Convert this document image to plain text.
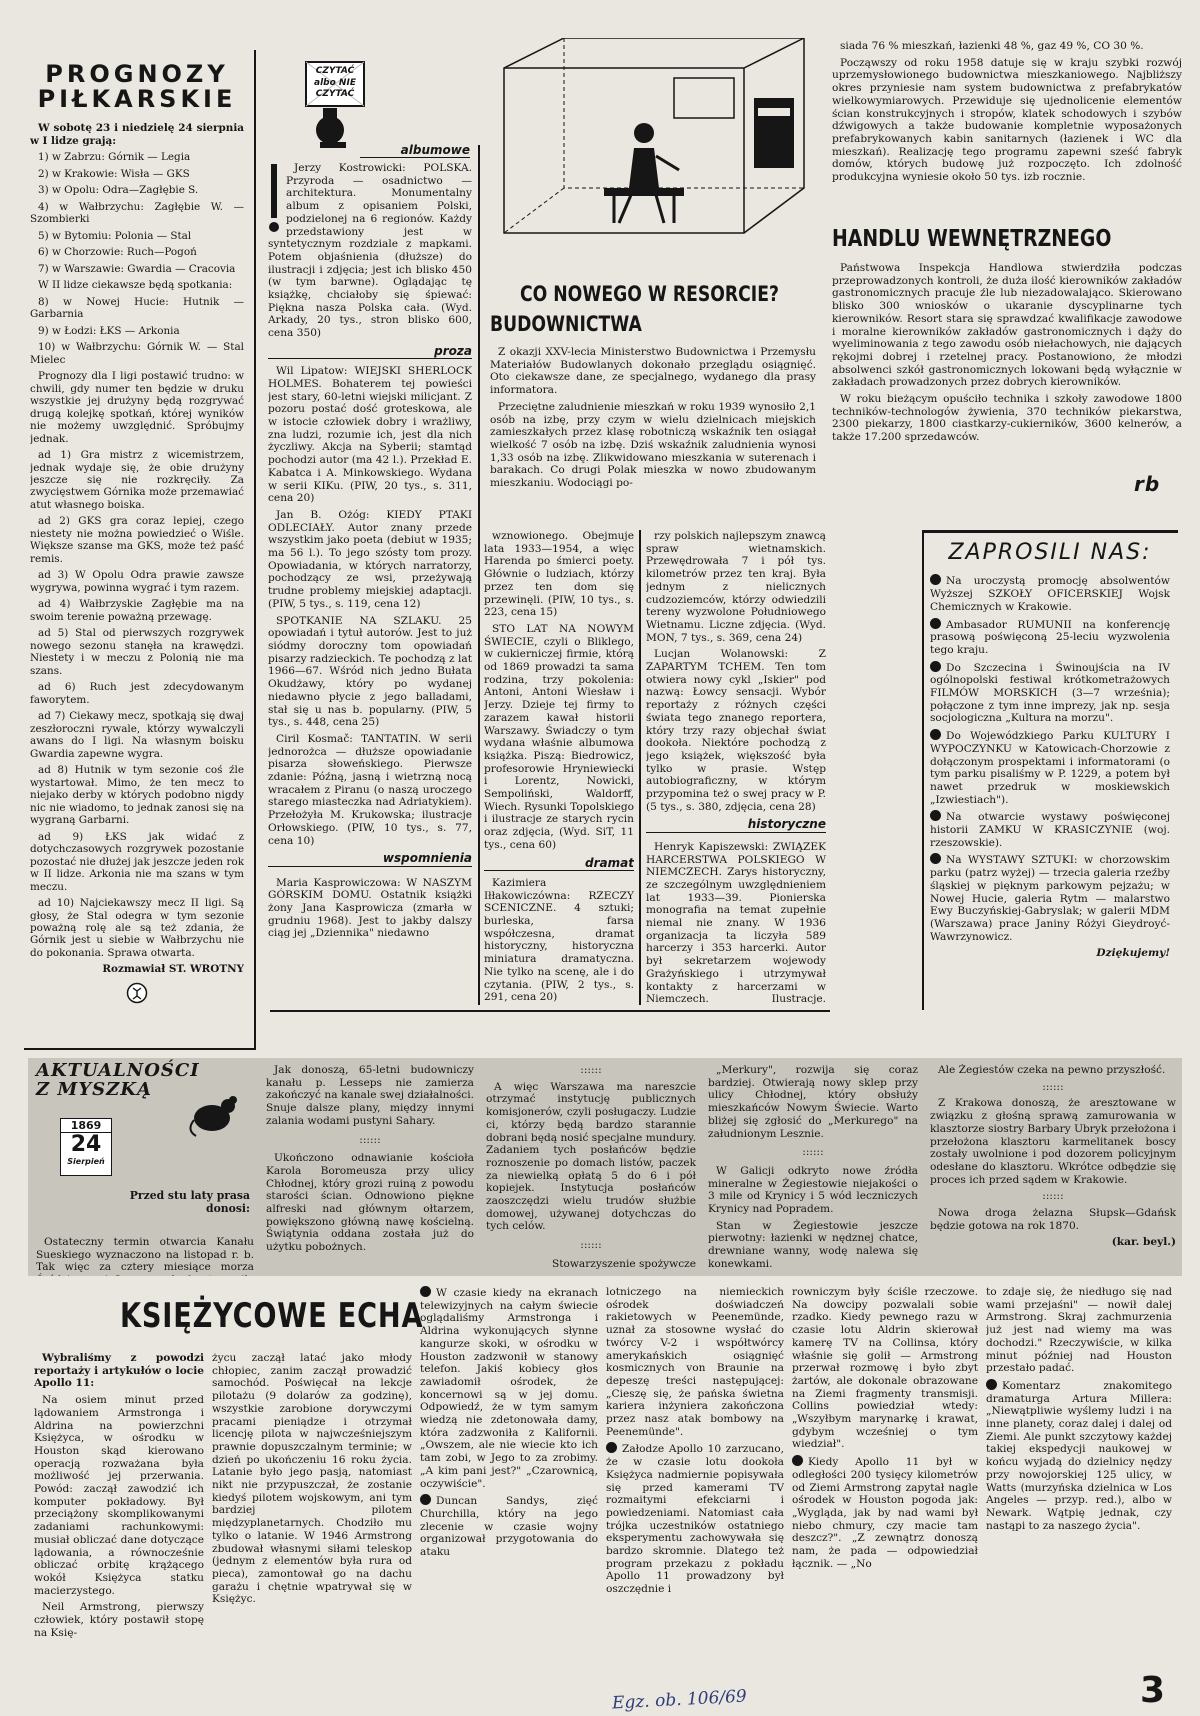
PROGNOZY PIŁKARSKIE

W sobotę 23 i niedzielę 24 sierpnia w I lidze grają:

1) w Zabrzu: Górnik — Legia

2) w Krakowie: Wisła — GKS

3) w Opolu: Odra—Zagłębie S.

4) w Wałbrzychu: Zagłębie W. — Szombierki

5) w Bytomiu: Polonia — Stal

6) w Chorzowie: Ruch—Pogoń

7) w Warszawie: Gwardia — Cracovia

W II lidze ciekawsze będą spotkania:

8) w Nowej Hucie: Hutnik — Garbarnia

9) w Łodzi: ŁKS — Arkonia

10) w Wałbrzychu: Górnik W. — Stal Mielec

Prognozy dla I ligi postawić trudno: w chwili, gdy numer ten będzie w druku wszystkie jej drużyny będą rozgrywać drugą kolejkę spotkań, której wyników nie możemy uwzględnić. Spróbujmy jednak.

ad 1) Gra mistrz z wicemistrzem, jednak wydaje się, że obie drużyny jeszcze się nie rozkręciły. Za zwycięstwem Górnika może przemawiać atut własnego boiska.

ad 2) GKS gra coraz lepiej, czego niestety nie można powiedzieć o Wiśle. Większe szanse ma GKS, może też paść remis.

ad 3) W Opolu Odra prawie zawsze wygrywa, powinna wygrać i tym razem.

ad 4) Wałbrzyskie Zagłębie ma na swoim terenie poważną przewagę.

ad 5) Stal od pierwszych rozgrywek nowego sezonu stanęła na krawędzi. Niestety i w meczu z Polonią nie ma szans.

ad 6) Ruch jest zdecydowanym faworytem.

ad 7) Ciekawy mecz, spotkają się dwaj zeszłoroczni rywale, którzy wywalczyli awans do I ligi. Na własnym boisku Gwardia zapewne wygra.

ad 8) Hutnik w tym sezonie coś źle wystartował. Mimo, że ten mecz to niejako derby w których podobno nigdy nic nie wiadomo, to jednak zanosi się na wygraną Garbarni.

ad 9) ŁKS jak widać z dotychczasowych rozgrywek pozostanie pozostać nie dłużej jak jeszcze jeden rok w II lidze. Arkonia nie ma szans w tym meczu.

ad 10) Najciekawszy mecz II ligi. Są głosy, że Stal odegra w tym sezonie poważną rolę ale są też zdania, że Górnik jest u siebie w Wałbrzychu nie do pokonania. Sprawa otwarta.

Rozmawiał ST. WROTNY

CZYTAĆ albo NIE CZYTAĆ
albumowe

Jerzy Kostrowicki: POLSKA. Przyroda — osadnictwo — architektura. Monumentalny album z opisaniem Polski, podzielonej na 6 regionów. Każdy przedstawiony jest w syntetycznym rozdziale z mapkami. Potem objaśnienia (dłuższe) do ilustracji i zdjęcia; jest ich blisko 450 (w tym barwne). Oglądając tę książkę, chciałoby się śpiewać: Piękna nasza Polska cała. (Wyd. Arkady, 20 tys., stron blisko 600, cena 350)

proza

Wil Lipatow: WIEJSKI SHERLOCK HOLMES. Bohaterem tej powieści jest stary, 60-letni wiejski milicjant. Z pozoru postać dość groteskowa, ale w istocie człowiek dobry i wrażliwy, zna ludzi, rozumie ich, jest dla nich życzliwy. Akcja na Syberii; stamtąd pochodzi autor (ma 42 l.). Przekład E. Kabatca i A. Minkowskiego. Wydana w serii KIKu. (PIW, 20 tys., s. 311, cena 20)

Jan B. Ożóg: KIEDY PTAKI ODLECIAŁY. Autor znany przede wszystkim jako poeta (debiut w 1935; ma 56 l.). To jego szósty tom prozy. Opowiadania, w których narratorzy, pochodzący ze wsi, przeżywają trudne problemy miejskiej adaptacji. (PIW, 5 tys., s. 119, cena 12)

SPOTKANIE NA SZLAKU. 25 opowiadań i tytuł autorów. Jest to już siódmy doroczny tom opowiadań pisarzy radzieckich. Te pochodzą z lat 1966—67. Wśród nich jedno Bułata Okudżawy, który po wydanej niedawno płycie z jego balladami, stał się u nas b. popularny. (PIW, 5 tys., s. 448, cena 25)

Ciril Kosmač: TANTATIN. W serii jednorożca — dłuższe opowiadanie pisarza słoweńskiego. Pierwsze zdanie: Późną, jasną i wietrzną nocą wracałem z Piranu (o naszą uroczego starego miasteczka nad Adriatykiem). Przełożyła M. Krukowska; ilustracje Orłowskiego. (PIW, 10 tys., s. 77, cena 10)

wspomnienia

Maria Kasprowiczowa: W NASZYM GÓRSKIM DOMU. Ostatnik książki żony Jana Kasprowicza (zmarła w grudniu 1968). Jest to jakby dalszy ciąg jej „Dziennika" niedawno

wznowionego. Obejmuje lata 1933—1954, a więc Harenda po śmierci poety. Głównie o ludziach, którzy przez ten dom się przewinęli. (PIW, 10 tys., s. 223, cena 15)

STO LAT NA NOWYM ŚWIECIE, czyli o Bliklego, w cukierniczej firmie, którą od 1869 prowadzi ta sama rodzina, trzy pokolenia: Antoni, Antoni Wiesław i Jerzy. Dzieje tej firmy to zarazem kawał historii Warszawy. Świadczy o tym wydana właśnie albumowa książka. Piszą: Biedrowicz, profesorowie Hryniewiecki i Lorentz, Nowicki, Sempoliński, Waldorff, Wiech. Rysunki Topolskiego i ilustracje ze starych rycin oraz zdjęcia, (Wyd. SiT, 11 tys., cena 60)

dramat

Kazimiera Iłłakowiczówna: RZECZY SCENICZNE. 4 sztuki; burleska, farsa współczesna, dramat historyczny, historyczna miniatura dramatyczna. Nie tylko na scenę, ale i do czytania. (PIW, 2 tys., s. 291, cena 20)

rzy polskich najlepszym znawcą spraw wietnamskich. Przewędrowała 7 i pół tys. kilometrów przez ten kraj. Była jednym z nielicznych cudzoziemców, którzy odwiedzili tereny wyzwolone Południowego Wietnamu. Liczne zdjęcia. (Wyd. MON, 7 tys., s. 369, cena 24)

Lucjan Wolanowski: Z ZAPARTYM TCHEM. Ten tom otwiera nowy cykl „Iskier" pod nazwą: Łowcy sensacji. Wybór reportaży z różnych części świata tego znanego reportera, który trzy razy objechał świat dookoła. Niektóre pochodzą z jego książek, większość była tylko w prasie. Wstęp autobiograficzny, w którym przypomina też o swej pracy w P. (5 tys., s. 380, zdjęcia, cena 28)

historyczne

Henryk Kapiszewski: ZWIĄZEK HARCERSTWA POLSKIEGO W NIEMCZECH. Zarys historyczny, ze szczególnym uwzględnieniem lat 1933—39. Pionierska monografia na temat zupełnie niemal nie znany. W 1936 organizacja ta liczyła 589 harcerzy i 353 harcerki. Autor był sekretarzem wojewody Grażyńskiego i utrzymywał kontakty z harcerzami w Niemczech. Ilustracje.

CO NOWEGO W RESORCIE?
BUDOWNICTWA

Z okazji XXV-lecia Ministerstwo Budownictwa i Przemysłu Materiałów Budowlanych dokonało przeglądu osiągnięć. Oto ciekawsze dane, ze specjalnego, wydanego dla prasy informatora.

Przeciętne zaludnienie mieszkań w roku 1939 wynosiło 2,1 osób na izbę, przy czym w wielu dzielnicach miejskich zamieszkałych przez klasę robotniczą wskaźnik ten osiągał wielkość 7 osób na izbę. Dziś wskaźnik zaludnienia wynosi 1,33 osób na izbę. Zlikwidowano mieszkania w suterenach i barakach. Co drugi Polak mieszka w nowo zbudowanym mieszkaniu. Wodociągi po-

siada 76 % mieszkań, łazienki 48 %, gaz 49 %, CO 30 %.

Począwszy od roku 1958 datuje się w kraju szybki rozwój uprzemysłowionego budownictwa mieszkaniowego. Najbliższy okres przyniesie nam system budownictwa z prefabrykatów wielkowymiarowych. Przewiduje się ujednolicenie elementów ścian konstrukcyjnych i stropów, klatek schodowych i szybów dźwigowych a także budowanie kompletnie wyposażonych prefabrykowanych kabin sanitarnych (łazienek i WC dla mieszkań). Realizację tego programu zapewni sześć fabryk domów, których budowę już rozpoczęto. Ich zdolność produkcyjna wyniesie około 50 tys. izb rocznie.

HANDLU WEWNĘTRZNEGO

Państwowa Inspekcja Handlowa stwierdziła podczas przeprowadzonych kontroli, że duża ilość kierowników zakładów gastronomicznych pracuje źle lub niezadowalająco. Skierowano blisko 300 wniosków o ukaranie dyscyplinarne tych kierowników. Resort stara się sprawdzać kwalifikacje zawodowe i moralne kierowników zakładów gastronomicznych i dąży do wyeliminowania z tego zawodu osób niełachowych, nie dających rękojmi dobrej i rzetelnej pracy. Postanowiono, że młodzi absolwenci szkół gastronomicznych lokowani będą wyłącznie w zakładach prowadzonych przez dobrych kierowników.

W roku bieżącym opuściło technika i szkoły zawodowe 1800 techników-technologów żywienia, 370 techników piekarstwa, 2300 piekarzy, 1800 ciastkarzy-cukierników, 3600 kelnerów, a także 17.200 sprzedawców.

rb
ZAPROSILI NAS:

Na uroczystą promocję absolwentów Wyższej SZKOŁY OFICERSKIEJ Wojsk Chemicznych w Krakowie.

Ambasador RUMUNII na konferencję prasową poświęconą 25-leciu wyzwolenia tego kraju.

Do Szczecina i Świnoujścia na IV ogólnopolski festiwal krótkometrażowych FILMÓW MORSKICH (3—7 września); połączone z tym inne imprezy, jak np. sesja socjologiczna „Kultura na morzu".

Do Wojewódzkiego Parku KULTURY I WYPOCZYNKU w Katowicach-Chorzowie z dołączonym prospektami i informatorami (o tym parku pisaliśmy w P. 1229, a potem był nawet przedruk w moskiewskich „Izwiestiach").

Na otwarcie wystawy poświęconej historii ZAMKU W KRASICZYNIE (woj. rzeszowskie).

Na WYSTAWY SZTUKI: w chorzowskim parku (patrz wyżej) — trzecia galeria rzeźby śląskiej w pięknym parkowym pejzażu; w Nowej Hucie, galeria Rytm — malarstwo Ewy Buczyńskiej-Gabryslak; w galerii MDM (Warszawa) prace Janiny Różyi Gieydroyć-Wawrzynowicz.

Dziękujemy!
AKTUALNOŚCI Z MYSZKĄ
1869
24
Sierpień
Przed stu laty prasa donosi:

Ostateczny termin otwarcia Kanału Sueskiego wyznaczono na listopad r. b. Tak więc za cztery miesiące morza

Jak donoszą, 65-letni budowniczy kanału p. Lesseps nie zamierza zakończyć na kanale swej działalności. Snuje dalsze plany, między innymi zalania wodami pustyni Sahary.

::::::

Ukończono odnawianie kościoła Karola Boromeusza przy ulicy Chłodnej, który grozi ruiną z powodu starości ścian. Odnowiono piękne alfreski nad głównym ołtarzem, powiększono główną nawę kościelną. Świątynia oddana została już do użytku pobożnych.

::::::

A więc Warszawa ma nareszcie otrzymać instytucję publicznych komisjonerów, czyli posługaczy. Ludzie ci, którzy będą bardzo starannie dobrani będą nosić specjalne mundury. Zadaniem tych posłańców będzie roznoszenie po domach listów, paczek za niewielką opłatą 5 do 6 i pół kopiejek. Instytucja posłańców zaoszczędzi wielu trudów służbie domowej, używanej dotychczas do tych celów.

::::::

Stowarzyszenie spożywcze

„Merkury", rozwija się coraz bardziej. Otwierają nowy sklep przy ulicy Chłodnej, który obsłuży mieszkańców Nowym Świecie. Warto bliżej się zgłosić do „Merkurego" na załudnionym Lesznie.

::::::

W Galicji odkryto nowe źródła mineralne w Żegiestowie niejakości o 3 mile od Krynicy i 5 wód leczniczych Krynicy nad Popradem.

Stan w Żegiestowie jeszcze pierwotny: łazienki w nędznej chatce, drewniane wanny, wodę nalewa się konewkami.

Ale Żegiestów czeka na pewno przyszłość.

::::::

Z Krakowa donoszą, że aresztowane w związku z głośną sprawą zamurowania w klasztorze siostry Barbary Ubryk przełożona i przełożona klasztoru karmelitanek boscy zostały uwolnione i pod dozorem policyjnym odesłane do klasztoru. Wkrótce odbędzie się proces ich przed sądem w Krakowie.

::::::

Nowa droga żelazna Słupsk—Gdańsk będzie gotowa na rok 1870.

(kar. beyl.)
KSIĘŻYCOWE ECHA

Wybraliśmy z powodzi reportaży i artykułów o locie Apollo 11:

Na osiem minut przed lądowaniem Armstronga i Aldrina na powierzchni Księżyca, w ośrodku w Houston skąd kierowano operacją rozważana była możliwość jej przerwania. Powód: zaczął zawodzić ich komputer pokładowy. Był przeciążony skomplikowanymi zadaniami rachunkowymi: musiał obliczać dane dotyczące lądowania, a równocześnie obliczać orbitę krążącego wokół Księżyca statku macierzystego.

Neil Armstrong, pierwszy człowiek, który postawił stopę na Księ-

życu zaczął latać jako młody chłopiec, zanim zaczął prowadzić samochód. Poświęcał na lekcje pilotażu (9 dolarów za godzinę), wszystkie zarobione dorywczymi pracami pieniądze i otrzymał licencję pilota w najwcześniejszym prawnie dopuszczalnym terminie; w dzień po ukończeniu 16 roku życia. Latanie było jego pasją, natomiast nikt nie przypuszczał, że zostanie kiedyś pilotem wojskowym, ani tym bardziej pilotem międzyplanetarnych. Chodziło mu tylko o latanie. W 1946 Armstrong zbudował własnymi siłami teleskop (jednym z elementów była rura od pieca), zamontował go na dachu garażu i chętnie wpatrywał się w Księżyc.

W czasie kiedy na ekranach telewizyjnych na całym świecie oglądaliśmy Armstronga i Aldrina wykonujących słynne kangurze skoki, w ośrodku w Houston zadzwonił w stanowy telefon. Jakiś kobiecy głos zawiadomił ośrodek, że koncernowi są w jej domu. Odpowiedź, że w tym samym wiedzą nie zdetonowała damy, która zadzwoniła z Kalifornii. „Owszem, ale nie wiecie kto ich tam zobi, w Jego to za zrobimy. „A kim pani jest?" „Czarownicą, oczywiście".

Duncan Sandys, zięć Churchilla, który na jego zlecenie w czasie wojny organizował przygotowania do ataku

lotniczego na niemieckich ośrodek doświadczeń rakietowych w Peenemünde, uznał za stosowne wysłać do twórcy V-2 i współtwórcy amerykańskich osiągnięć kosmicznych von Braunie na depeszę treści następującej: „Cieszę się, że pańska świetna kariera inżyniera zakończona przez nasz atak bombowy na Peenemünde".

Załodze Apollo 10 zarzucano, że w czasie lotu dookoła Księżyca nadmiernie popisywała się przed kamerami TV rozmaitymi efekciarni i powiedzeniami. Natomiast cała trójka uczestników ostatniego eksperymentu zachowywała się bardzo skromnie. Dlatego też program przekazu z pokładu Apollo 11 prowadzony był oszczędnie i

rowniczym były ściśle rzeczowe. Na dowcipy pozwalali sobie rzadko. Kiedy pewnego razu w czasie lotu Aldrin skierował kamerę TV na Collinsa, który właśnie się golił — Armstrong przerwał rozmowę i było zbyt żartów, ale dokonale obrazowane na Ziemi fragmenty transmisji. Collins powiedział wtedy: „Wszyłbym marynarkę i krawat, gdybym wcześniej o tym wiedział".

Kiedy Apollo 11 był w odległości 200 tysięcy kilometrów od Ziemi Armstrong zapytał nagle ośrodek w Houston pogoda jak: „Wygląda, jak by nad wami był niebo chmury, czy macie tam deszcz?". „Z zewnątrz donoszą nam, że pada — odpowiedział łącznik. — „No

to zdaje się, że niedługo się nad wami przejaśni" — nowił dalej Armstrong. Skraj zachmurzenia już jest nad wiemy ma was dochodzi." Rzeczywiście, w kilka minut później nad Houston przestało padać.

Komentarz znakomitego dramaturga Artura Millera: „Niewątpliwie wyślemy ludzi i na inne planety, coraz dalej i dalej od Ziemi. Ale punkt szczytowy każdej takiej ekspedycji naukowej w końcu wyjadą do dzielnicy nędzy przy nowojorskiej 125 ulicy, w Watts (murzyńska dzielnica w Los Angeles — przyp. red.), albo w Newark. Wątpię jednak, czy nastąpi to za naszego życia".

Egz. ob. 106/69	3
